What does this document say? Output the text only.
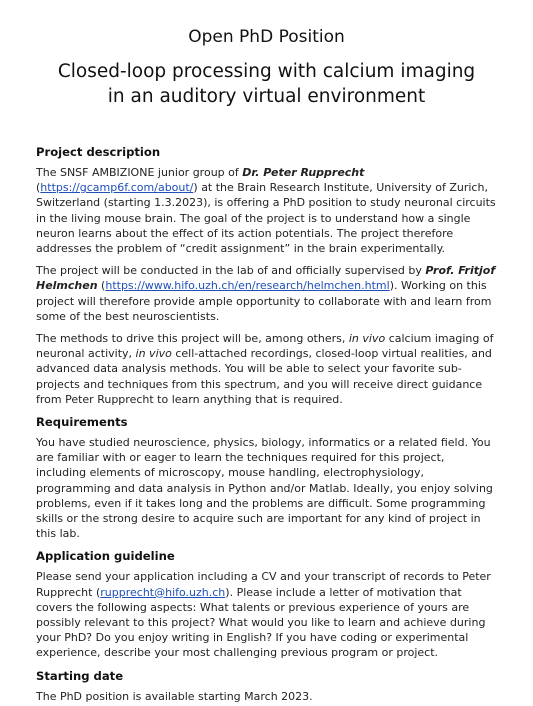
Open PhD Position
Closed-loop processing with calcium imaging
in an auditory virtual environment
Project description

The SNSF AMBIZIONE junior group of Dr. Peter Rupprecht (https://gcamp6f.com/about/) at the Brain Research Institute, University of Zurich, Switzerland (starting 1.3.2023), is offering a PhD position to study neuronal circuits in the living mouse brain. The goal of the project is to understand how a single neuron learns about the effect of its action potentials. The project therefore addresses the problem of “credit assignment” in the brain experimentally.

The project will be conducted in the lab of and officially supervised by Prof. Fritjof Helmchen (https://www.hifo.uzh.ch/en/research/helmchen.html). Working on this project will therefore provide ample opportunity to collaborate with and learn from some of the best neuroscientists.

The methods to drive this project will be, among others, in vivo calcium imaging of neuronal activity, in vivo cell-attached recordings, closed-loop virtual realities, and advanced data analysis methods. You will be able to select your favorite sub-projects and techniques from this spectrum, and you will receive direct guidance from Peter Rupprecht to learn anything that is required.

Requirements

You have studied neuroscience, physics, biology, informatics or a related field. You are familiar with or eager to learn the techniques required for this project, including elements of microscopy, mouse handling, electrophysiology, programming and data analysis in Python and/or Matlab. Ideally, you enjoy solving problems, even if it takes long and the problems are difficult. Some programming skills or the strong desire to acquire such are important for any kind of project in this lab.

Application guideline

Please send your application including a CV and your transcript of records to Peter Rupprecht (rupprecht@hifo.uzh.ch). Please include a letter of motivation that covers the following aspects: What talents or previous experience of yours are possibly relevant to this project? What would you like to learn and achieve during your PhD? Do you enjoy writing in English? If you have coding or experimental experience, describe your most challenging previous program or project.

Starting date

The PhD position is available starting March 2023.
